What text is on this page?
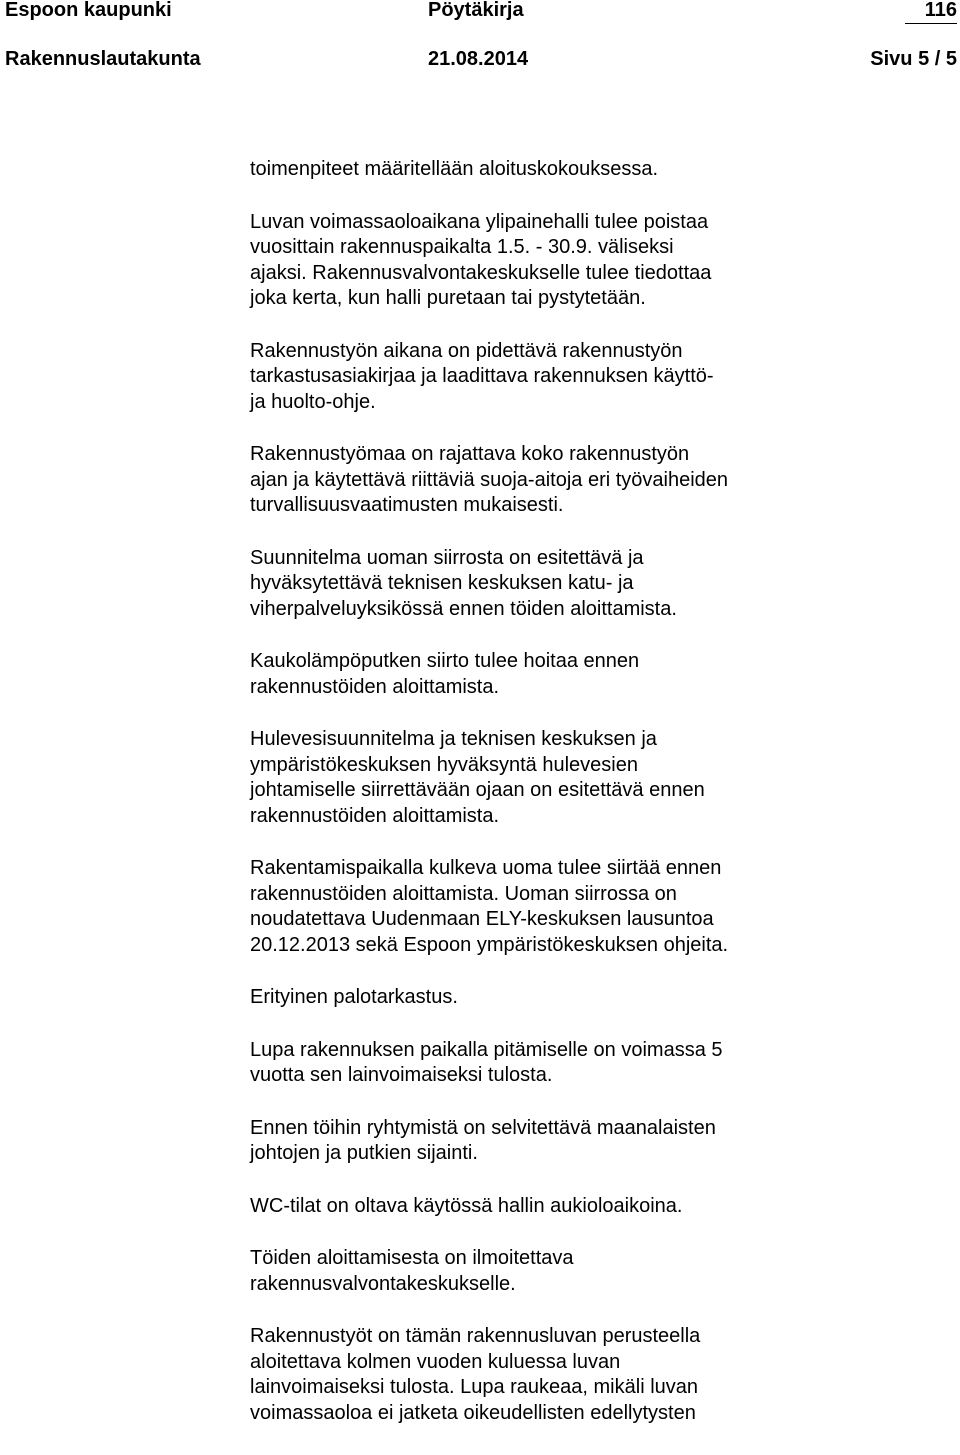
Espoon kaupunki	Pöytäkirja	116
Rakennuslautakunta	21.08.2014	Sivu 5 / 5

toimenpiteet määritellään aloituskokouksessa.

Luvan voimassaoloaikana ylipainehalli tulee poistaa
vuosittain rakennuspaikalta 1.5. - 30.9. väliseksi
ajaksi. Rakennusvalvontakeskukselle tulee tiedottaa
joka kerta, kun halli puretaan tai pystytetään.

Rakennustyön aikana on pidettävä rakennustyön
tarkastusasiakirjaa ja laadittava rakennuksen käyttö-
ja huolto-ohje.

Rakennustyömaa on rajattava koko rakennustyön
ajan ja käytettävä riittäviä suoja-aitoja eri työvaiheiden
turvallisuusvaatimusten mukaisesti.

Suunnitelma uoman siirrosta on esitettävä ja
hyväksytettävä teknisen keskuksen katu- ja
viherpalveluyksikössä ennen töiden aloittamista.

Kaukolämpöputken siirto tulee hoitaa ennen
rakennustöiden aloittamista.

Hulevesisuunnitelma ja teknisen keskuksen ja
ympäristökeskuksen hyväksyntä hulevesien
johtamiselle siirrettävään ojaan on esitettävä ennen
rakennustöiden aloittamista.

Rakentamispaikalla kulkeva uoma tulee siirtää ennen
rakennustöiden aloittamista. Uoman siirrossa on
noudatettava Uudenmaan ELY-keskuksen lausuntoa
20.12.2013 sekä Espoon ympäristökeskuksen ohjeita.

Erityinen palotarkastus.

Lupa rakennuksen paikalla pitämiselle on voimassa 5
vuotta sen lainvoimaiseksi tulosta.

Ennen töihin ryhtymistä on selvitettävä maanalaisten
johtojen ja putkien sijainti.

WC-tilat on oltava käytössä hallin aukioloaikoina.

Töiden aloittamisesta on ilmoitettava
rakennusvalvontakeskukselle.

Rakennustyöt on tämän rakennusluvan perusteella
aloitettava kolmen vuoden kuluessa luvan
lainvoimaiseksi tulosta. Lupa raukeaa, mikäli luvan
voimassaoloa ei jatketa oikeudellisten edellytysten
